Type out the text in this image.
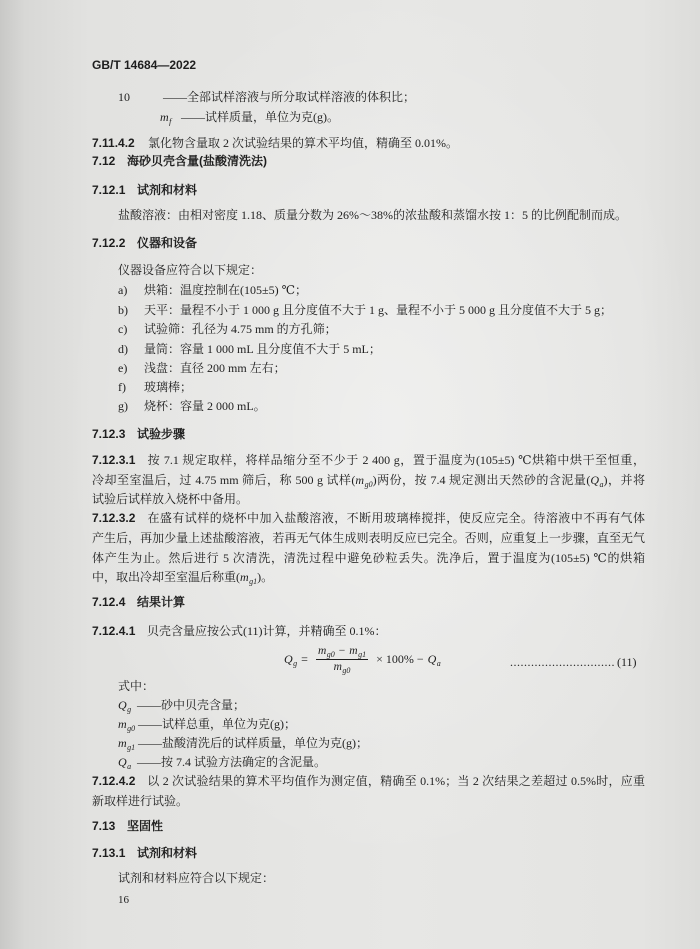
GB/T 14684—2022
10	——全部试样溶液与所分取试样溶液的体积比；
$m_f$ ——试样质量，单位为克(g)。
7.11.4.2 氯化物含量取 2 次试验结果的算术平均值，精确至 0.01%。
7.12 海砂贝壳含量(盐酸清洗法)
7.12.1 试剂和材料
盐酸溶液：由相对密度 1.18、质量分数为 26%～38%的浓盐酸和蒸馏水按 1：5 的比例配制而成。
7.12.2 仪器和设备
仪器设备应符合以下规定：
a) 烘箱：温度控制在(105±5) ℃；
b) 天平：量程不小于 1 000 g 且分度值不大于 1 g、量程不小于 5 000 g 且分度值不大于 5 g；
c) 试验筛：孔径为 4.75 mm 的方孔筛；
d) 量筒：容量 1 000 mL 且分度值不大于 5 mL；
e) 浅盘：直径 200 mm 左右；
f) 玻璃棒；
g) 烧杯：容量 2 000 mL。
7.12.3 试验步骤
7.12.3.1 按 7.1 规定取样，将样品缩分至不少于 2 400 g，置于温度为(105±5) ℃烘箱中烘干至恒重，
冷却至室温后，过 4.75 mm 筛后，称 500 g 试样$(m_{g0})$两份，按 7.4 规定测出天然砂的含泥量$(Q_a)$，并将
试验后试样放入烧杯中备用。
7.12.3.2 在盛有试样的烧杯中加入盐酸溶液，不断用玻璃棒搅拌，使反应完全。待溶液中不再有气体
产生后，再加少量上述盐酸溶液，若再无气体生成则表明反应已完全。否则，应重复上一步骤，直至无气
体产生为止。然后进行 5 次清洗，清洗过程中避免砂粒丢失。洗净后，置于温度为(105±5) ℃的烘箱
中，取出冷却至室温后称重$(m_{g1})$。
7.12.4 结果计算
7.12.4.1 贝壳含量应按公式(11)计算，并精确至 0.1%：
$Q_g = \frac{m_{g0} - m_{g1}}{m_{g0}} \times 100\% - Q_a$	.............................. (11)
式中：
$Q_g$ ——砂中贝壳含量；
$m_{g0}$ ——试样总重，单位为克(g)；
$m_{g1}$ ——盐酸清洗后的试样质量，单位为克(g)；
$Q_a$ ——按 7.4 试验方法确定的含泥量。
7.12.4.2 以 2 次试验结果的算术平均值作为测定值，精确至 0.1%；当 2 次结果之差超过 0.5%时，应重
新取样进行试验。
7.13 坚固性
7.13.1 试剂和材料
试剂和材料应符合以下规定：
16
